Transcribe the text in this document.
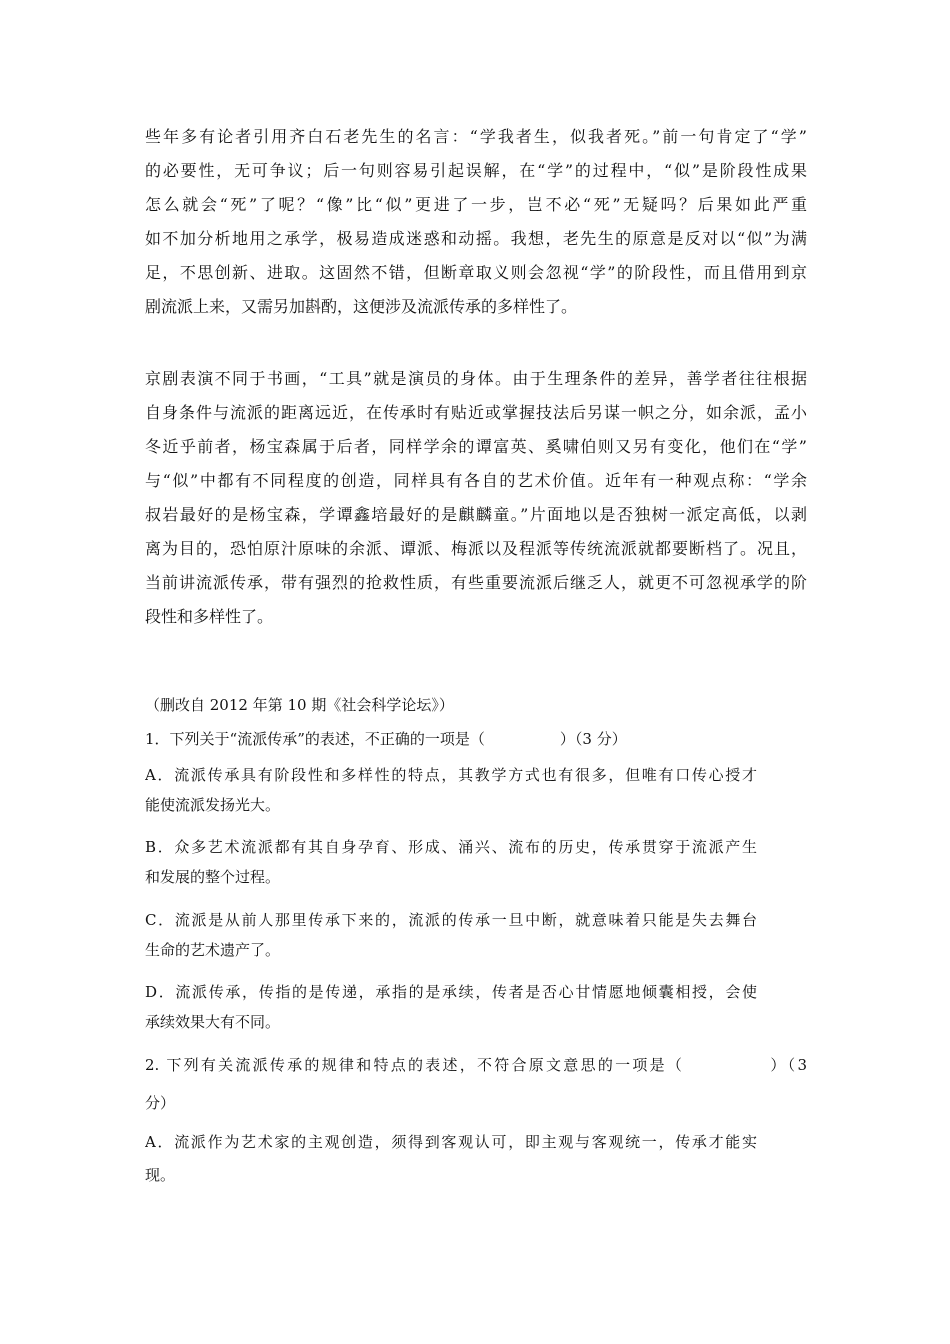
些年多有论者引用齐白石老先生的名言：“学我者生，似我者死。”前一句肯定了“学”
的必要性，无可争议；后一句则容易引起误解，在“学”的过程中，“似”是阶段性成果
怎么就会“死”了呢？“像”比“似”更进了一步，岂不必“死”无疑吗？后果如此严重
如不加分析地用之承学，极易造成迷惑和动摇。我想，老先生的原意是反对以“似”为满
足，不思创新、进取。这固然不错，但断章取义则会忽视“学”的阶段性，而且借用到京
剧流派上来，又需另加斟酌，这便涉及流派传承的多样性了。
京剧表演不同于书画，“工具”就是演员的身体。由于生理条件的差异，善学者往往根据
自身条件与流派的距离远近，在传承时有贴近或掌握技法后另谋一帜之分，如余派，孟小
冬近乎前者，杨宝森属于后者，同样学余的谭富英、奚啸伯则又另有变化，他们在“学”
与“似”中都有不同程度的创造，同样具有各自的艺术价值。近年有一种观点称：“学余
叔岩最好的是杨宝森，学谭鑫培最好的是麒麟童。”片面地以是否独树一派定高低，以剥
离为目的，恐怕原汁原味的余派、谭派、梅派以及程派等传统流派就都要断档了。况且，
当前讲流派传承，带有强烈的抢救性质，有些重要流派后继乏人，就更不可忽视承学的阶
段性和多样性了。
（删改自 2012 年第 10 期《社会科学论坛》）
1．下列关于“流派传承”的表述，不正确的一项是（　　　　　）（3 分）
A．流派传承具有阶段性和多样性的特点，其教学方式也有很多，但唯有口传心授才
能使流派发扬光大。
B．众多艺术流派都有其自身孕育、形成、涌兴、流布的历史，传承贯穿于流派产生
和发展的整个过程。
C．流派是从前人那里传承下来的，流派的传承一旦中断，就意味着只能是失去舞台
生命的艺术遗产了。
D．流派传承，传指的是传递，承指的是承续，传者是否心甘情愿地倾囊相授，会使
承续效果大有不同。
2. 下列有关流派传承的规律和特点的表述，不符合原文意思的一项是（　　　　　）（3
分）
A．流派作为艺术家的主观创造，须得到客观认可，即主观与客观统一，传承才能实
现。
